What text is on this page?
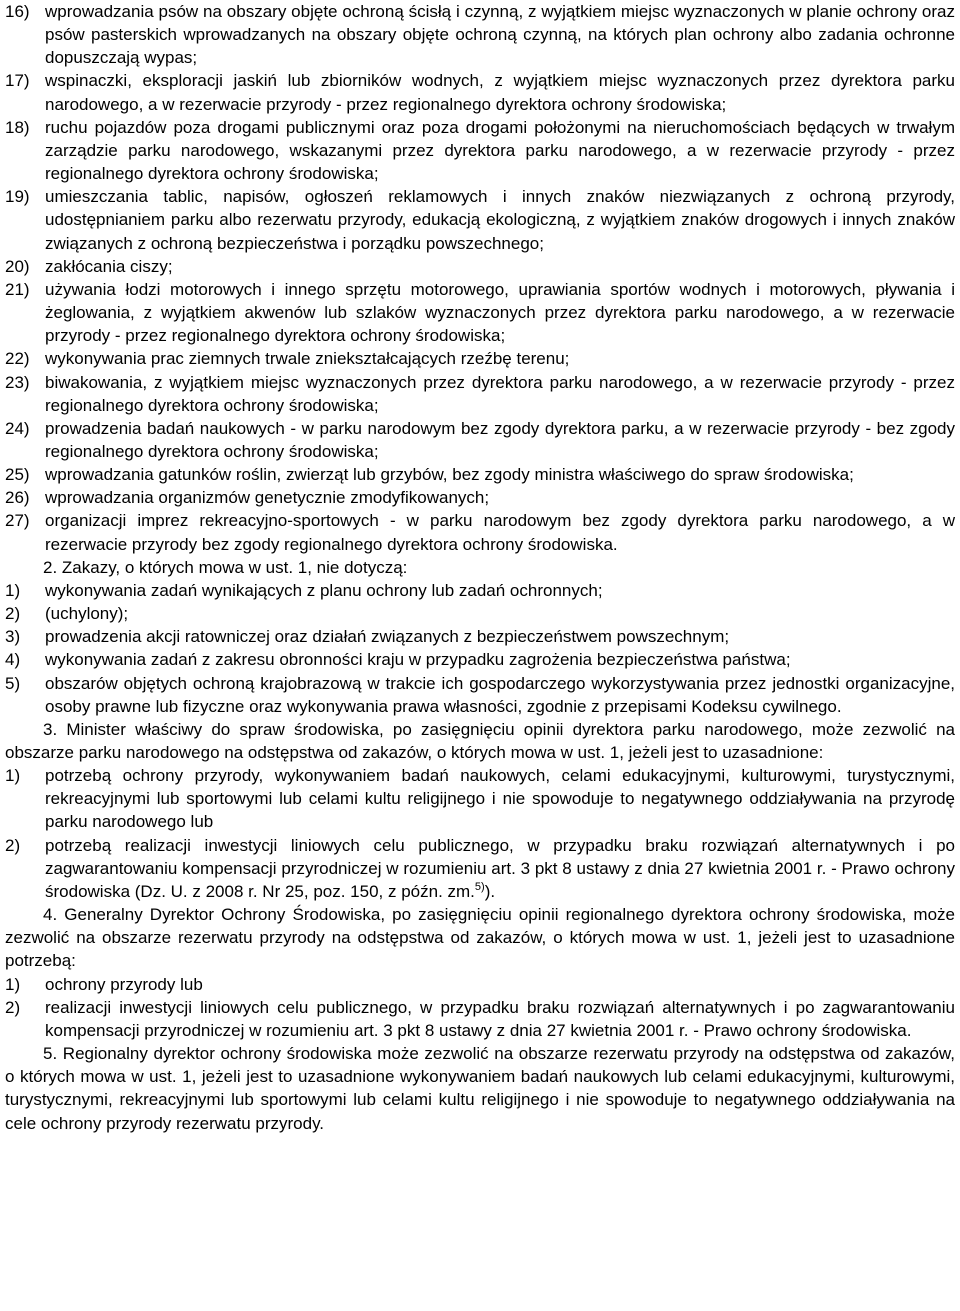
16) wprowadzania psów na obszary objęte ochroną ścisłą i czynną, z wyjątkiem miejsc wyznaczonych w planie ochrony oraz psów pasterskich wprowadzanych na obszary objęte ochroną czynną, na których plan ochrony albo zadania ochronne dopuszczają wypas;
17) wspinaczki, eksploracji jaskiń lub zbiorników wodnych, z wyjątkiem miejsc wyznaczonych przez dyrektora parku narodowego, a w rezerwacie przyrody - przez regionalnego dyrektora ochrony środowiska;
18) ruchu pojazdów poza drogami publicznymi oraz poza drogami położonymi na nieruchomościach będących w trwałym zarządzie parku narodowego, wskazanymi przez dyrektora parku narodowego, a w rezerwacie przyrody - przez regionalnego dyrektora ochrony środowiska;
19) umieszczania tablic, napisów, ogłoszeń reklamowych i innych znaków niezwiązanych z ochroną przyrody, udostępnianiem parku albo rezerwatu przyrody, edukacją ekologiczną, z wyjątkiem znaków drogowych i innych znaków związanych z ochroną bezpieczeństwa i porządku powszechnego;
20) zakłócania ciszy;
21) używania łodzi motorowych i innego sprzętu motorowego, uprawiania sportów wodnych i motorowych, pływania i żeglowania, z wyjątkiem akwenów lub szlaków wyznaczonych przez dyrektora parku narodowego, a w rezerwacie przyrody - przez regionalnego dyrektora ochrony środowiska;
22) wykonywania prac ziemnych trwale zniekształcających rzeźbę terenu;
23) biwakowania, z wyjątkiem miejsc wyznaczonych przez dyrektora parku narodowego, a w rezerwacie przyrody - przez regionalnego dyrektora ochrony środowiska;
24) prowadzenia badań naukowych - w parku narodowym bez zgody dyrektora parku, a w rezerwacie przyrody - bez zgody regionalnego dyrektora ochrony środowiska;
25) wprowadzania gatunków roślin, zwierząt lub grzybów, bez zgody ministra właściwego do spraw środowiska;
26) wprowadzania organizmów genetycznie zmodyfikowanych;
27) organizacji imprez rekreacyjno-sportowych - w parku narodowym bez zgody dyrektora parku narodowego, a w rezerwacie przyrody bez zgody regionalnego dyrektora ochrony środowiska.
2. Zakazy, o których mowa w ust. 1, nie dotyczą:
1)	wykonywania zadań wynikających z planu ochrony lub zadań ochronnych;
2)	(uchylony);
3)	prowadzenia akcji ratowniczej oraz działań związanych z bezpieczeństwem powszechnym;
4)	wykonywania zadań z zakresu obronności kraju w przypadku zagrożenia bezpieczeństwa państwa;
5)	obszarów objętych ochroną krajobrazową w trakcie ich gospodarczego wykorzystywania przez jednostki organizacyjne, osoby prawne lub fizyczne oraz wykonywania prawa własności, zgodnie z przepisami Kodeksu cywilnego.
3. Minister właściwy do spraw środowiska, po zasięgnięciu opinii dyrektora parku narodowego, może zezwolić na obszarze parku narodowego na odstępstwa od zakazów, o których mowa w ust. 1, jeżeli jest to uzasadnione:
1)	potrzebą ochrony przyrody, wykonywaniem badań naukowych, celami edukacyjnymi, kulturowymi, turystycznymi, rekreacyjnymi lub sportowymi lub celami kultu religijnego i nie spowoduje to negatywnego oddziaływania na przyrodę parku narodowego lub
2)	potrzebą realizacji inwestycji liniowych celu publicznego, w przypadku braku rozwiązań alternatywnych i po zagwarantowaniu kompensacji przyrodniczej w rozumieniu art. 3 pkt 8 ustawy z dnia 27 kwietnia 2001 r. - Prawo ochrony środowiska (Dz. U. z 2008 r. Nr 25, poz. 150, z późn. zm.$^{5)}$).
4. Generalny Dyrektor Ochrony Środowiska, po zasięgnięciu opinii regionalnego dyrektora ochrony środowiska, może zezwolić na obszarze rezerwatu przyrody na odstępstwa od zakazów, o których mowa w ust. 1, jeżeli jest to uzasadnione potrzebą:
1)	ochrony przyrody lub
2)	realizacji inwestycji liniowych celu publicznego, w przypadku braku rozwiązań alternatywnych i po zagwarantowaniu kompensacji przyrodniczej w rozumieniu art. 3 pkt 8 ustawy z dnia 27 kwietnia 2001 r. - Prawo ochrony środowiska.
5. Regionalny dyrektor ochrony środowiska może zezwolić na obszarze rezerwatu przyrody na odstępstwa od zakazów, o których mowa w ust. 1, jeżeli jest to uzasadnione wykonywaniem badań naukowych lub celami edukacyjnymi, kulturowymi, turystycznymi, rekreacyjnymi lub sportowymi lub celami kultu religijnego i nie spowoduje to negatywnego oddziaływania na cele ochrony przyrody rezerwatu przyrody.
